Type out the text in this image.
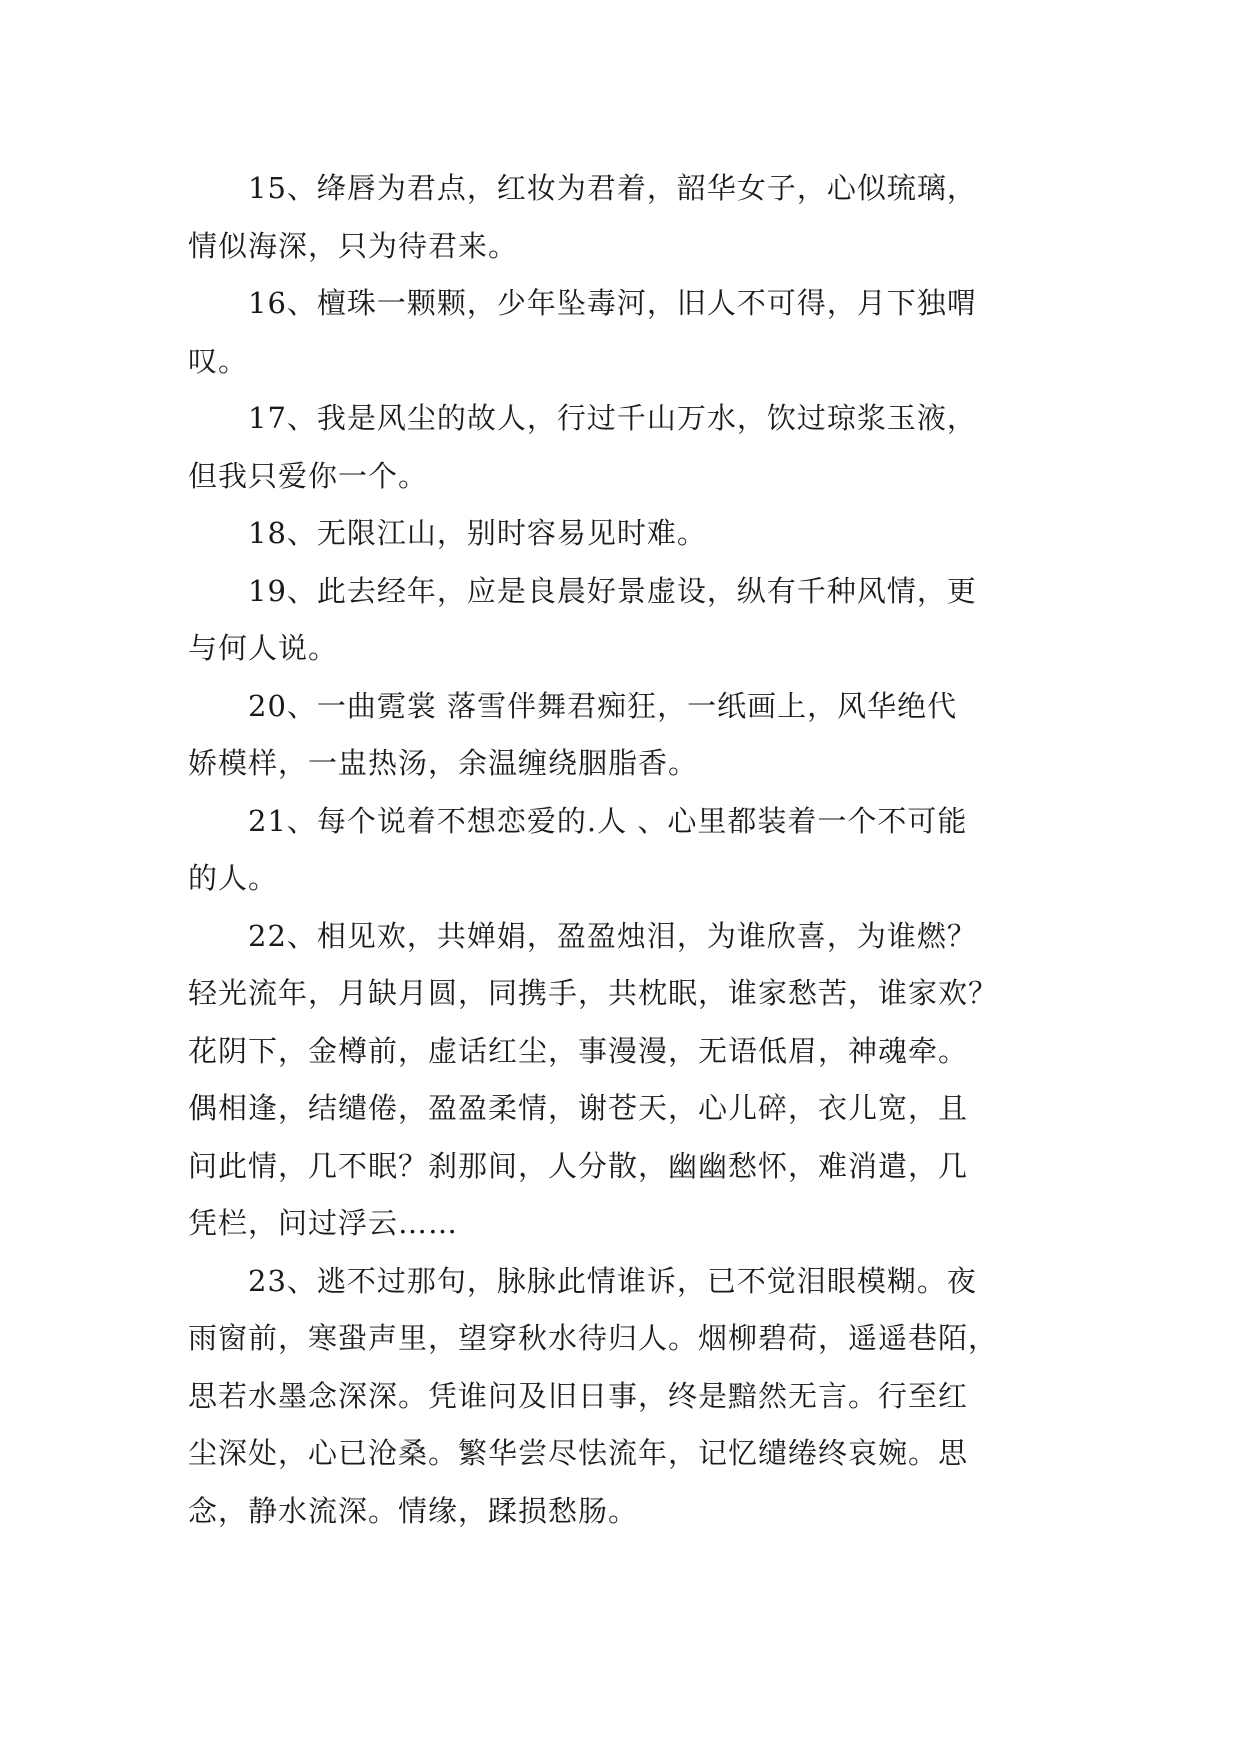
15、绛唇为君点，红妆为君着，韶华女子，心似琉璃，
情似海深，只为待君来。

16、檀珠一颗颗，少年坠毒河，旧人不可得，月下独喟
叹。

17、我是风尘的故人，行过千山万水，饮过琼浆玉液，
但我只爱你一个。

18、无限江山，别时容易见时难。

19、此去经年，应是良晨好景虚设，纵有千种风情，更
与何人说。

20、一曲霓裳 落雪伴舞君痴狂，一纸画上，风华绝代
娇模样，一盅热汤，余温缠绕胭脂香。

21、每个说着不想恋爱的.人 、心里都装着一个不可能
的人。

22、相见欢，共婵娟，盈盈烛泪，为谁欣喜，为谁燃？
轻光流年，月缺月圆，同携手，共枕眠，谁家愁苦，谁家欢？
花阴下，金樽前，虚话红尘，事漫漫，无语低眉，神魂牵。
偶相逢，结缱倦，盈盈柔情，谢苍天，心儿碎，衣儿宽，且
问此情，几不眠？刹那间，人分散，幽幽愁怀，难消遣，几
凭栏，问过浮云……

23、逃不过那句，脉脉此情谁诉，已不觉泪眼模糊。夜
雨窗前，寒蛩声里，望穿秋水待归人。烟柳碧荷，遥遥巷陌，
思若水墨念深深。凭谁问及旧日事，终是黯然无言。行至红
尘深处，心已沧桑。繁华尝尽怯流年，记忆缱绻终哀婉。思
念，静水流深。情缘，蹂损愁肠。
